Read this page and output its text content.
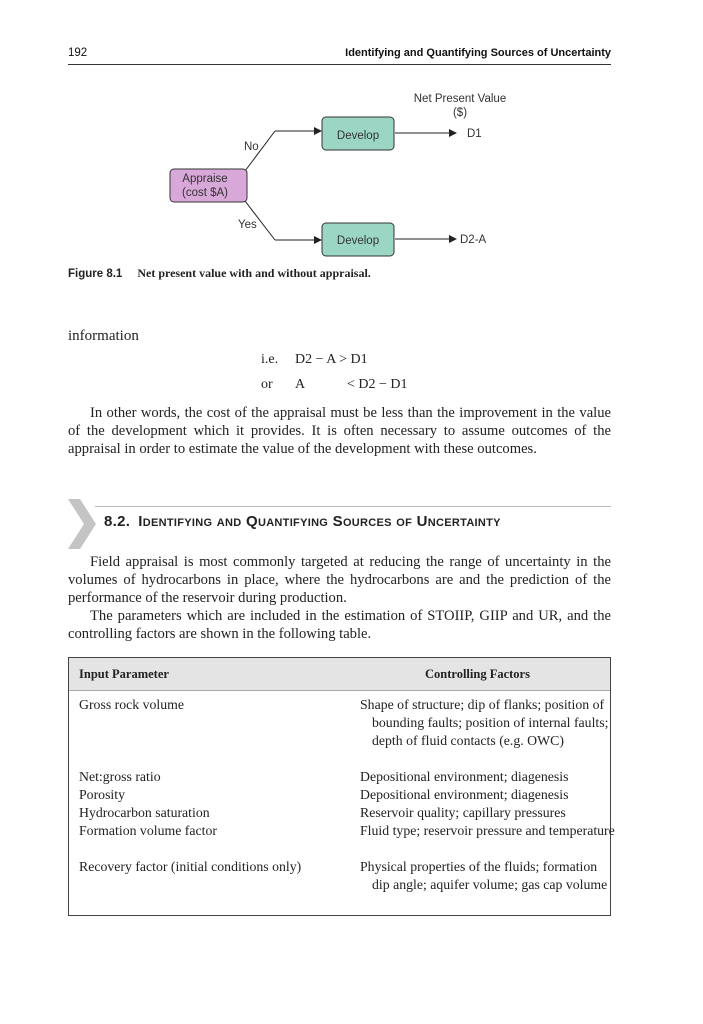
192	Identifying and Quantifying Sources of Uncertainty
Net Present Value
($)
No
Yes
Appraise
(cost $A)
Develop
Develop
D1
D2-A
Figure 8.1 Net present value with and without appraisal.
information
i.e. D2 − A > D1
or A	< D2 − D1
In other words, the cost of the appraisal must be less than the improvement in the value of the development which it provides. It is often necessary to assume outcomes of the appraisal in order to estimate the value of the development with these outcomes.
8.2. Identifying and Quantifying Sources of Uncertainty
Field appraisal is most commonly targeted at reducing the range of uncertainty in the volumes of hydrocarbons in place, where the hydrocarbons are and the prediction of the performance of the reservoir during production.
The parameters which are included in the estimation of STOIIP, GIIP and UR, and the controlling factors are shown in the following table.
Input Parameter	Controlling Factors
Gross rock volume	Shape of structure; dip of flanks; position of bounding faults; position of internal faults; depth of fluid contacts (e.g. OWC)
Net:gross ratio	Depositional environment; diagenesis
Porosity	Depositional environment; diagenesis
Hydrocarbon saturation	Reservoir quality; capillary pressures
Formation volume factor	Fluid type; reservoir pressure and temperature
Recovery factor (initial conditions only)	Physical properties of the fluids; formation dip angle; aquifer volume; gas cap volume
